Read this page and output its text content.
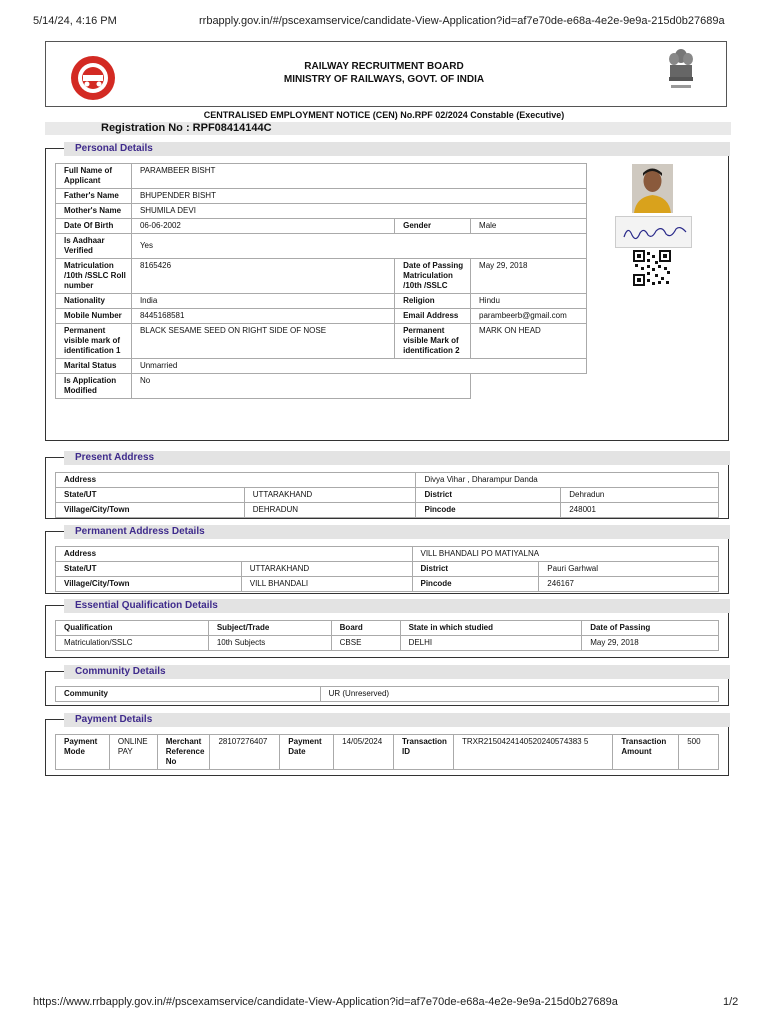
5/14/24, 4:16 PM	rrbapply.gov.in/#/pscexamservice/candidate-View-Application?id=af7e70de-e68a-4e2e-9e9a-215d0b27689a
RAILWAY RECRUITMENT BOARD
MINISTRY OF RAILWAYS, GOVT. OF INDIA
CENTRALISED EMPLOYMENT NOTICE (CEN) No.RPF 02/2024 Constable (Executive)
Registration No : RPF08414144C
Personal Details
Full Name of Applicant	PARAMBEER BISHT		
Father's Name	BHUPENDER BISHT		
Mother's Name	SHUMILA DEVI		
Date Of Birth	06-06-2002	Gender	Male
Is Aadhaar Verified	Yes		
Matriculation /10th /SSLC Roll number	8165426	Date of Passing Matriculation /10th /SSLC	May 29, 2018
Nationality	India	Religion	Hindu
Mobile Number	8445168581	Email Address	parambeerb@gmail.com
Permanent visible mark of identification 1	BLACK SESAME SEED ON RIGHT SIDE OF NOSE	Permanent visible Mark of identification 2	MARK ON HEAD
Marital Status	Unmarried		
Is Application Modified	No		
Present Address
Address		Divya Vihar , Dharampur Danda	
State/UT	UTTARAKHAND	District	Dehradun
Village/City/Town	DEHRADUN	Pincode	248001
Permanent Address Details
Address		VILL BHANDALI PO MATIYALNA	
State/UT	UTTARAKHAND	District	Pauri Garhwal
Village/City/Town	VILL BHANDALI	Pincode	246167
Essential Qualification Details
Qualification	Subject/Trade	Board	State in which studied	Date of Passing
Matriculation/SSLC	10th Subjects	CBSE	DELHI	May 29, 2018
Community Details
Community	UR (Unreserved)
Payment Details
Payment Mode	ONLINE PAY	Merchant Reference No	28107276407	Payment Date	14/05/2024	Transaction ID	TRXR2150424140520240574383 5	Transaction Amount	500
https://www.rrbapply.gov.in/#/pscexamservice/candidate-View-Application?id=af7e70de-e68a-4e2e-9e9a-215d0b27689a	1/2
